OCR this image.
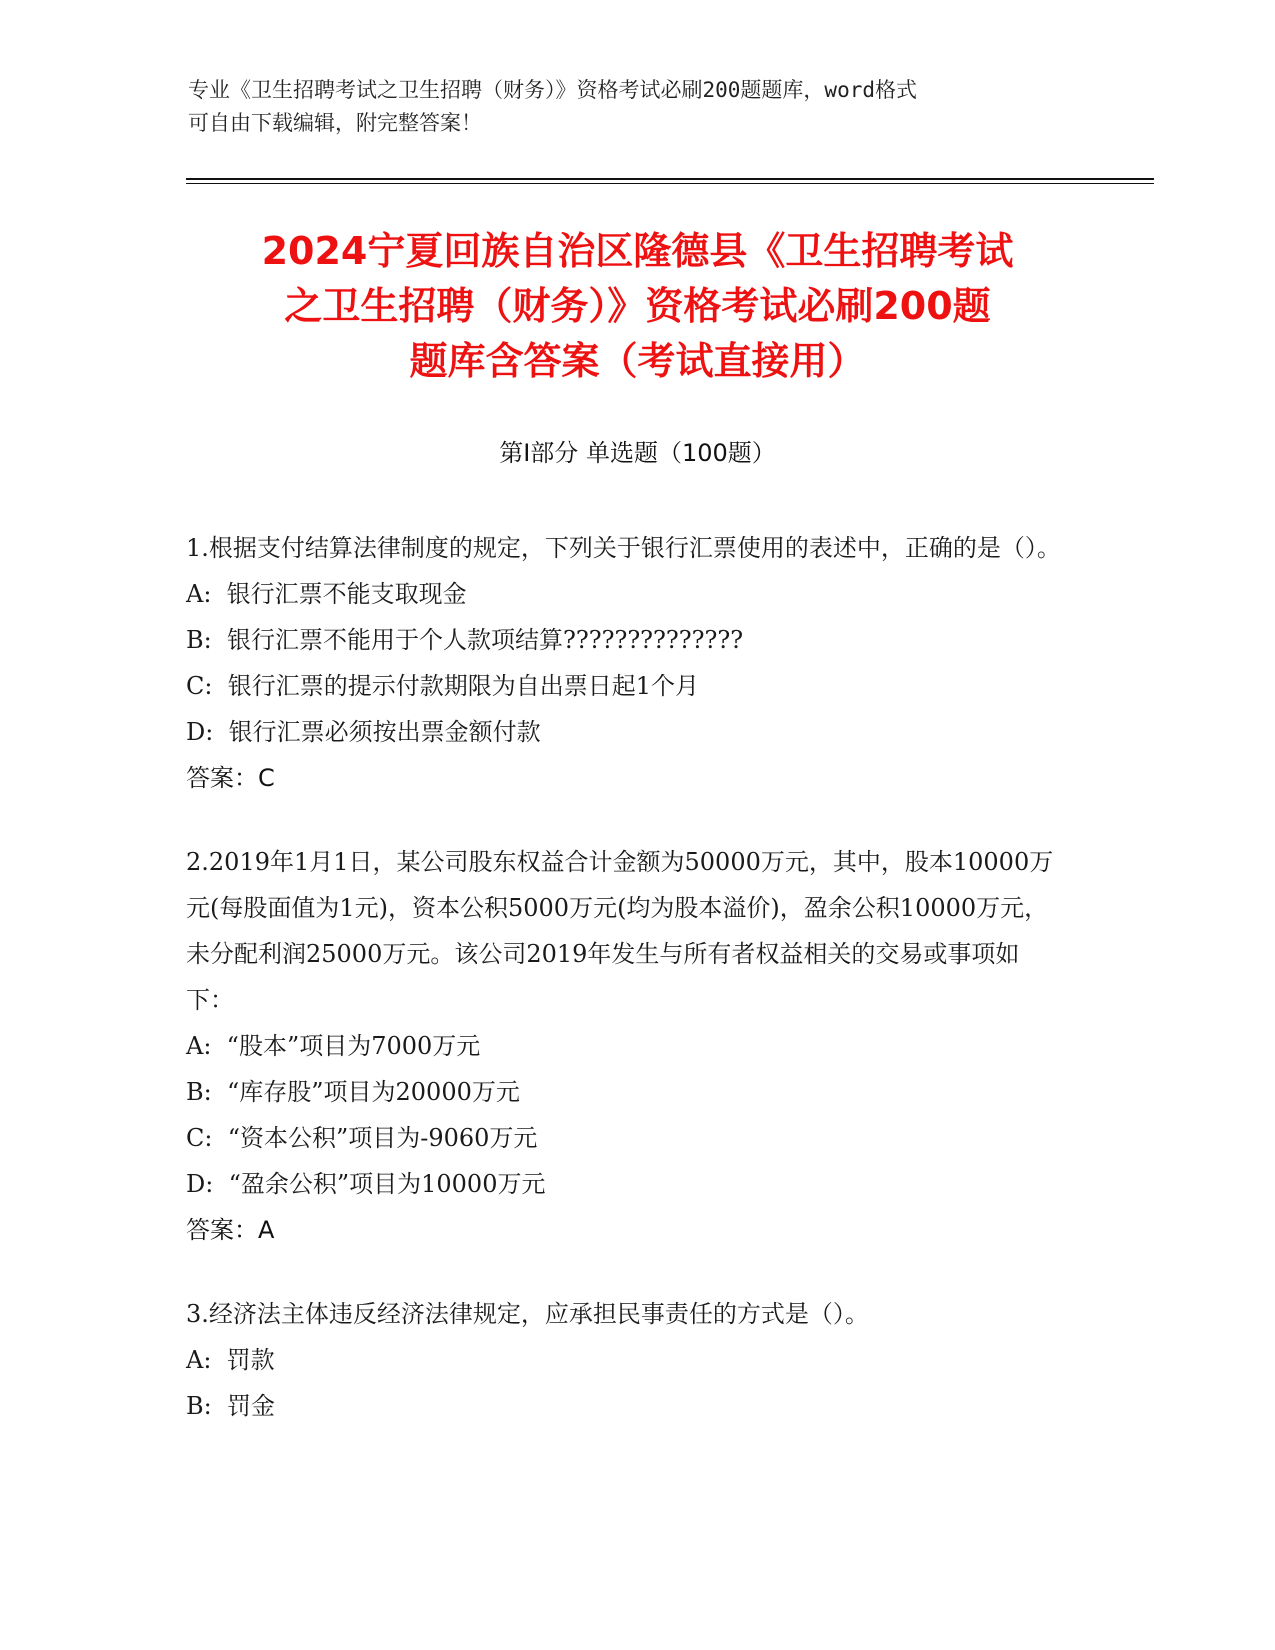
专业《卫生招聘考试之卫生招聘（财务）》资格考试必刷200题题库，word格式
可自由下载编辑，附完整答案！
2024宁夏回族自治区隆德县《卫生招聘考试
之卫生招聘（财务）》资格考试必刷200题
题库含答案（考试直接用）
第Ⅰ部分 单选题（100题）

1.根据支付结算法律制度的规定，下列关于银行汇票使用的表述中，正确的是（）。

A:  银行汇票不能支取现金

B:  银行汇票不能用于个人款项结算??????????????

C:  银行汇票的提示付款期限为自出票日起1个月

D:  银行汇票必须按出票金额付款

答案：C

2.2019年1月1日，某公司股东权益合计金额为50000万元，其中，股本10000万元(每股面值为1元)，资本公积5000万元(均为股本溢价)，盈余公积10000万元，未分配利润25000万元。该公司2019年发生与所有者权益相关的交易或事项如下：

A:  “股本”项目为7000万元

B:  “库存股”项目为20000万元

C:  “资本公积”项目为-9060万元

D:  “盈余公积”项目为10000万元

答案：A

3.经济法主体违反经济法律规定，应承担民事责任的方式是（）。

A:  罚款

B:  罚金
